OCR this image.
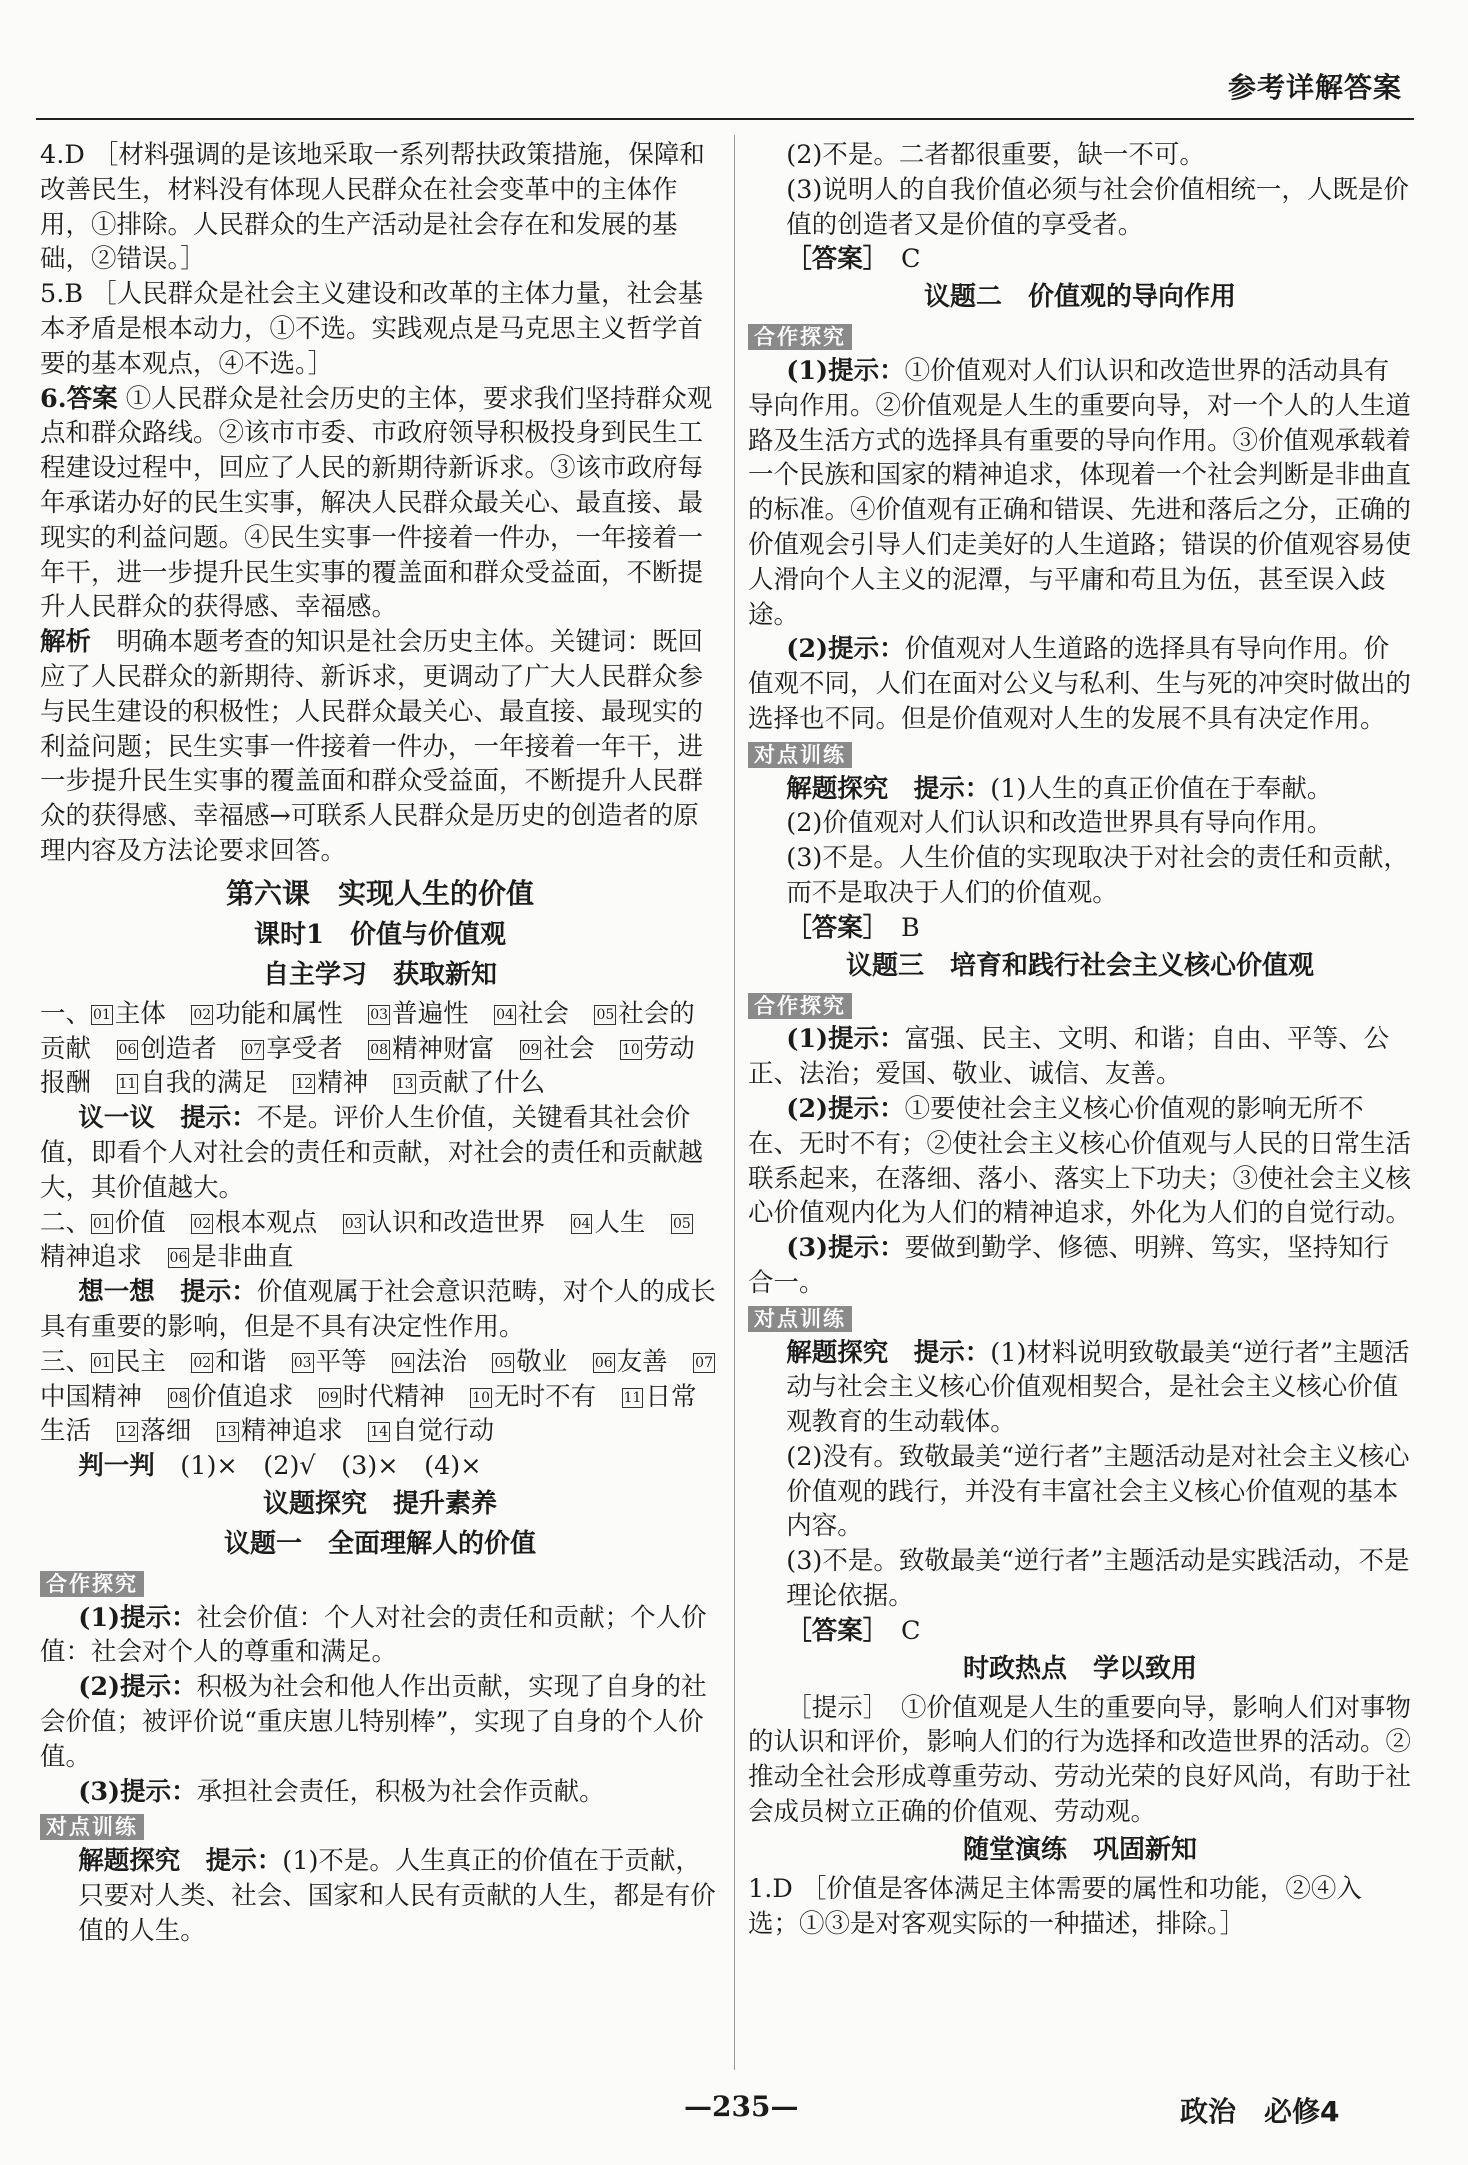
参考详解答案
4.D ［材料强调的是该地采取一系列帮扶政策措施，保障和改善民生，材料没有体现人民群众在社会变革中的主体作用，①排除。人民群众的生产活动是社会存在和发展的基础，②错误。］
5.B ［人民群众是社会主义建设和改革的主体力量，社会基本矛盾是根本动力，①不选。实践观点是马克思主义哲学首要的基本观点，④不选。］
6.答案 ①人民群众是社会历史的主体，要求我们坚持群众观点和群众路线。②该市市委、市政府领导积极投身到民生工程建设过程中，回应了人民的新期待新诉求。③该市政府每年承诺办好的民生实事，解决人民群众最关心、最直接、最现实的利益问题。④民生实事一件接着一件办，一年接着一年干，进一步提升民生实事的覆盖面和群众受益面，不断提升人民群众的获得感、幸福感。
解析　 明确本题考查的知识是社会历史主体。关键词：既回应了人民群众的新期待、新诉求，更调动了广大人民群众参与民生建设的积极性；人民群众最关心、最直接、最现实的利益问题；民生实事一件接着一件办，一年接着一年干，进一步提升民生实事的覆盖面和群众受益面，不断提升人民群众的获得感、幸福感→可联系人民群众是历史的创造者的原理内容及方法论要求回答。
第六课　实现人生的价值
课时1　价值与价值观
自主学习　获取新知
一、 01 主体　 02 功能和属性　 03 普遍性　 04 社会　 05 社会的贡献　 06 创造者　 07 享受者　 08 精神财富　 09 社会　 10 劳动报酬　 11 自我的满足　 12 精神　 13 贡献了什么　
议一议　 提示：不是。评价人生价值，关键看其社会价值，即看个人对社会的责任和贡献，对社会的责任和贡献越大，其价值越大。
二、 01 价值　 02 根本观点　 03 认识和改造世界　 04 人生　 05精神追求　 06 是非曲直　
想一想　 提示：价值观属于社会意识范畴，对个人的成长具有重要的影响，但是不具有决定性作用。
三、 01 民主　 02 和谐　 03 平等　 04 法治　 05 敬业　 06 友善　 07中国精神　 08 价值追求　 09 时代精神　 10 无时不有　 11 日常生活　 12 落细　 13 精神追求　 14 自觉行动　
判一判　 (1)×　(2)√　(3)×　(4)×
议题探究　提升素养
议题一　全面理解人的价值
合作探究
(1)提示：社会价值：个人对社会的责任和贡献；个人价值：社会对个人的尊重和满足。
(2)提示：积极为社会和他人作出贡献，实现了自身的社会价值；被评价说“重庆崽儿特别棒”，实现了自身的个人价值。
(3)提示：承担社会责任，积极为社会作贡献。
对点训练
解题探究　 提示：(1)不是。人生真正的价值在于贡献，只要对人类、社会、国家和人民有贡献的人生，都是有价值的人生。
(2)不是。二者都很重要，缺一不可。
(3)说明人的自我价值必须与社会价值相统一，人既是价值的创造者又是价值的享受者。
［答案］　 C
议题二　价值观的导向作用
合作探究
(1)提示：①价值观对人们认识和改造世界的活动具有导向作用。②价值观是人生的重要向导，对一个人的人生道路及生活方式的选择具有重要的导向作用。③价值观承载着一个民族和国家的精神追求，体现着一个社会判断是非曲直的标准。④价值观有正确和错误、先进和落后之分，正确的价值观会引导人们走美好的人生道路；错误的价值观容易使人滑向个人主义的泥潭，与平庸和苟且为伍，甚至误入歧途。
(2)提示：价值观对人生道路的选择具有导向作用。价值观不同，人们在面对公义与私利、生与死的冲突时做出的选择也不同。但是价值观对人生的发展不具有决定作用。
对点训练
解题探究　 提示：(1)人生的真正价值在于奉献。
(2)价值观对人们认识和改造世界具有导向作用。
(3)不是。人生价值的实现取决于对社会的责任和贡献，而不是取决于人们的价值观。
［答案］　 B
议题三　培育和践行社会主义核心价值观
合作探究
(1)提示：富强、民主、文明、和谐；自由、平等、公正、法治；爱国、敬业、诚信、友善。
(2)提示：①要使社会主义核心价值观的影响无所不在、无时不有；②使社会主义核心价值观与人民的日常生活联系起来，在落细、落小、落实上下功夫；③使社会主义核心价值观内化为人们的精神追求，外化为人们的自觉行动。
(3)提示：要做到勤学、修德、明辨、笃实，坚持知行合一。
对点训练
解题探究　 提示：(1)材料说明致敬最美“逆行者”主题活动与社会主义核心价值观相契合，是社会主义核心价值观教育的生动载体。
(2)没有。致敬最美“逆行者”主题活动是对社会主义核心价值观的践行，并没有丰富社会主义核心价值观的基本内容。
(3)不是。致敬最美“逆行者”主题活动是实践活动，不是理论依据。
［答案］　 C
时政热点　学以致用
［提示］　 ①价值观是人生的重要向导，影响人们对事物的认识和评价，影响人们的行为选择和改造世界的活动。②推动全社会形成尊重劳动、劳动光荣的良好风尚，有助于社会成员树立正确的价值观、劳动观。
随堂演练　巩固新知
1.D ［价值是客体满足主体需要的属性和功能，②④入选；①③是对客观实际的一种描述，排除。］
—235—	政治　必修4
